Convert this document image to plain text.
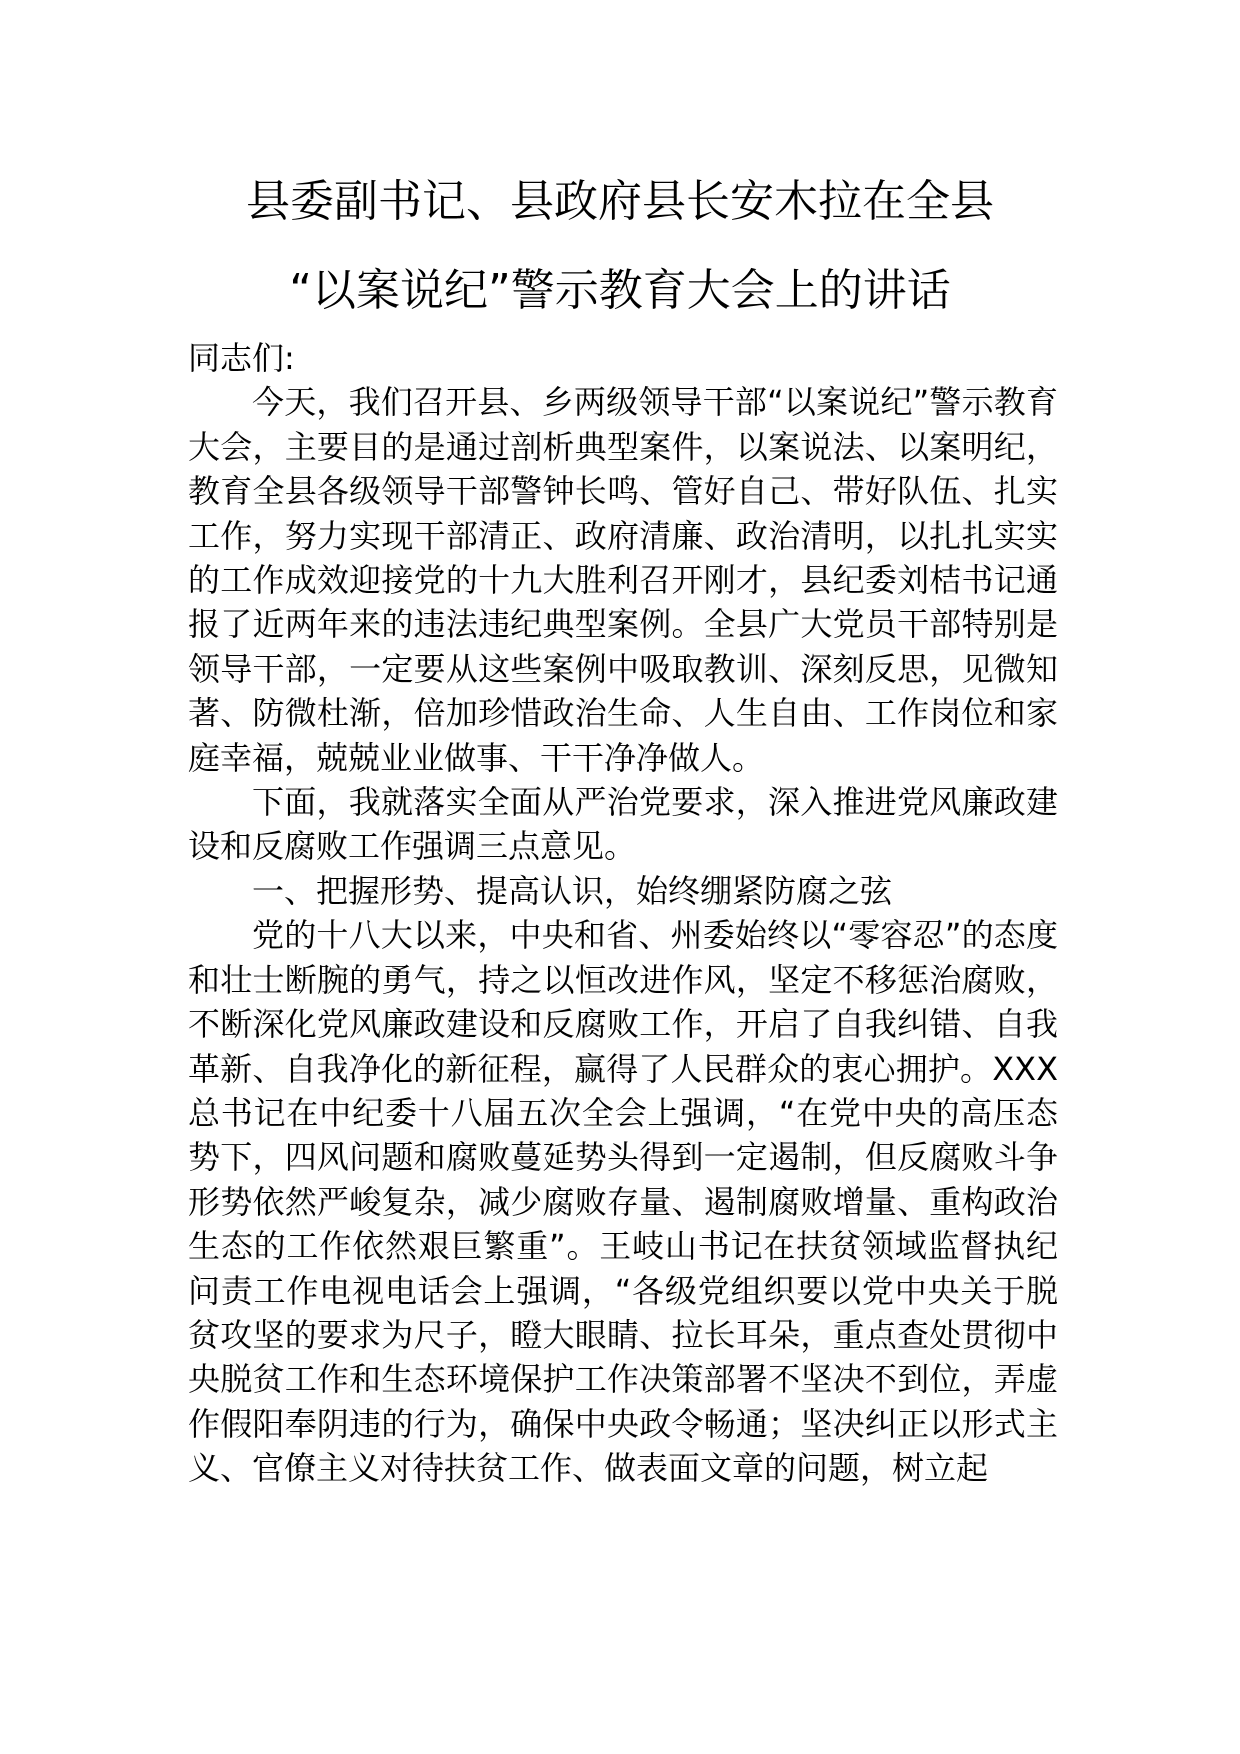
县委副书记、县政府县长安木拉在全县
“以案说纪”警示教育大会上的讲话

同志们:

今天，我们召开县、乡两级领导干部“以案说纪”警示教育大会，主要目的是通过剖析典型案件，以案说法、以案明纪，教育全县各级领导干部警钟长鸣、管好自己、带好队伍、扎实工作，努力实现干部清正、政府清廉、政治清明，以扎扎实实的工作成效迎接党的十九大胜利召开刚才，县纪委刘桔书记通报了近两年来的违法违纪典型案例。全县广大党员干部特别是领导干部，一定要从这些案例中吸取教训、深刻反思，见微知著、防微杜渐，倍加珍惜政治生命、人生自由、工作岗位和家庭幸福，兢兢业业做事、干干净净做人。

下面，我就落实全面从严治党要求，深入推进党风廉政建设和反腐败工作强调三点意见。

一、把握形势、提高认识，始终绷紧防腐之弦

党的十八大以来，中央和省、州委始终以“零容忍”的态度和壮士断腕的勇气，持之以恒改进作风，坚定不移惩治腐败，不断深化党风廉政建设和反腐败工作，开启了自我纠错、自我革新、自我净化的新征程，赢得了人民群众的衷心拥护。XXX 总书记在中纪委十八届五次全会上强调，“在党中央的高压态势下，四风问题和腐败蔓延势头得到一定遏制，但反腐败斗争形势依然严峻复杂，减少腐败存量、遏制腐败增量、重构政治生态的工作依然艰巨繁重”。王岐山书记在扶贫领域监督执纪问责工作电视电话会上强调，“各级党组织要以党中央关于脱贫攻坚的要求为尺子，瞪大眼睛、拉长耳朵，重点查处贯彻中央脱贫工作和生态环境保护工作决策部署不坚决不到位，弄虚作假阳奉阴违的行为，确保中央政令畅通；坚决纠正以形式主义、官僚主义对待扶贫工作、做表面文章的问题，树立起
